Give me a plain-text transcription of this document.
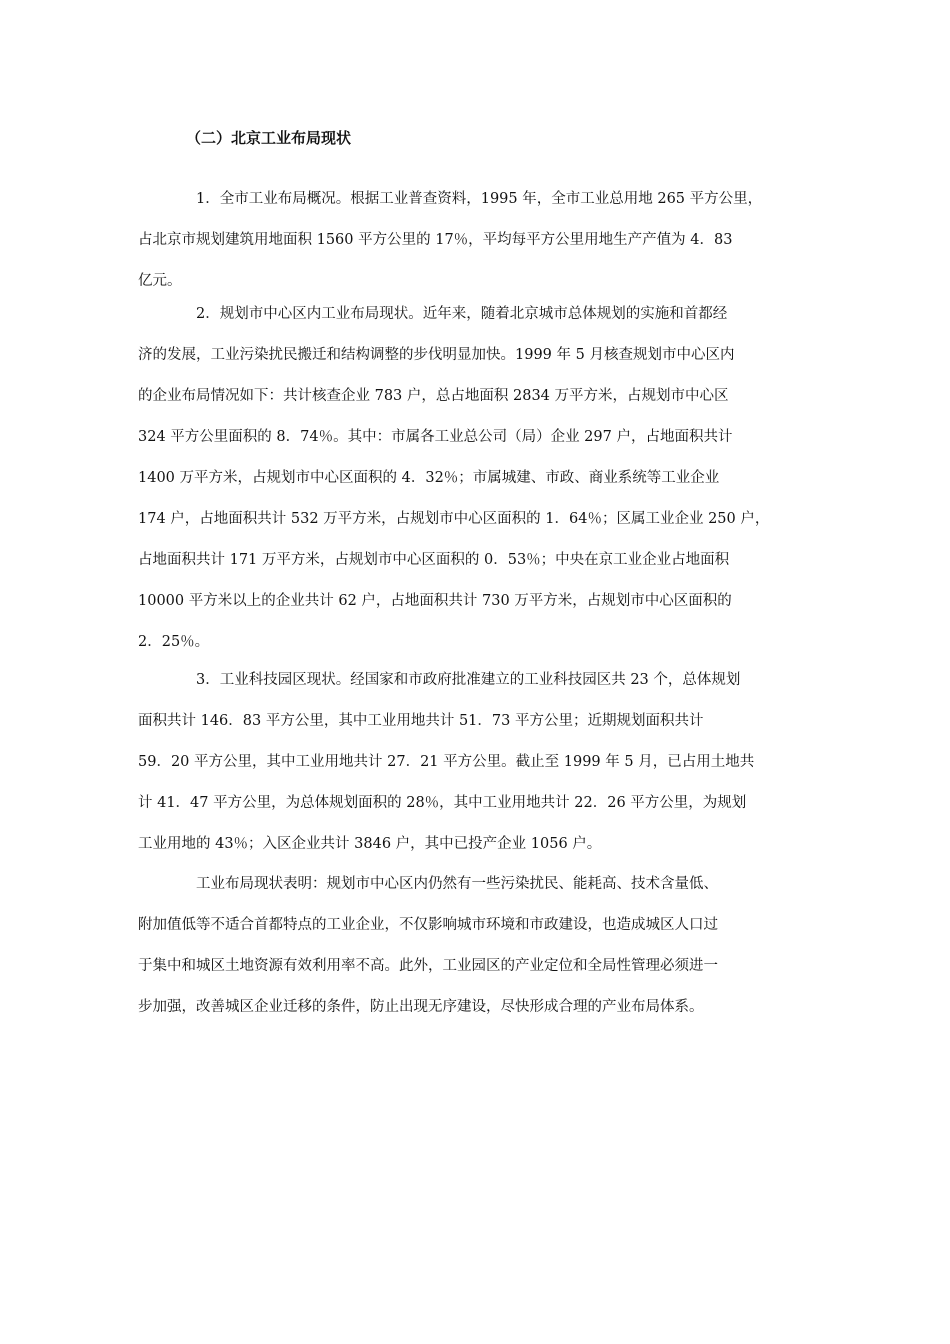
（二）北京工业布局现状

1．全市工业布局概况。根据工业普查资料，1995 年，全市工业总用地 265 平方公里，
占北京市规划建筑用地面积 1560 平方公里的 17％，平均每平方公里用地生产产值为 4．83
亿元。

2．规划市中心区内工业布局现状。近年来，随着北京城市总体规划的实施和首都经
济的发展，工业污染扰民搬迁和结构调整的步伐明显加快。1999 年 5 月核查规划市中心区内
的企业布局情况如下：共计核查企业 783 户，总占地面积 2834 万平方米，占规划市中心区
324 平方公里面积的 8．74％。其中：市属各工业总公司（局）企业 297 户，占地面积共计
1400 万平方米，占规划市中心区面积的 4．32％；市属城建、市政、商业系统等工业企业
174 户，占地面积共计 532 万平方米，占规划市中心区面积的 1．64％；区属工业企业 250 户，
占地面积共计 171 万平方米，占规划市中心区面积的 0．53％；中央在京工业企业占地面积
10000 平方米以上的企业共计 62 户，占地面积共计 730 万平方米，占规划市中心区面积的
2．25％。

3．工业科技园区现状。经国家和市政府批准建立的工业科技园区共 23 个，总体规划
面积共计 146．83 平方公里，其中工业用地共计 51．73 平方公里；近期规划面积共计
59．20 平方公里，其中工业用地共计 27．21 平方公里。截止至 1999 年 5 月，已占用土地共
计 41．47 平方公里，为总体规划面积的 28％，其中工业用地共计 22．26 平方公里，为规划
工业用地的 43％；入区企业共计 3846 户，其中已投产企业 1056 户。

工业布局现状表明：规划市中心区内仍然有一些污染扰民、能耗高、技术含量低、
附加值低等不适合首都特点的工业企业，不仅影响城市环境和市政建设，也造成城区人口过
于集中和城区土地资源有效利用率不高。此外，工业园区的产业定位和全局性管理必须进一
步加强，改善城区企业迁移的条件，防止出现无序建设，尽快形成合理的产业布局体系。
